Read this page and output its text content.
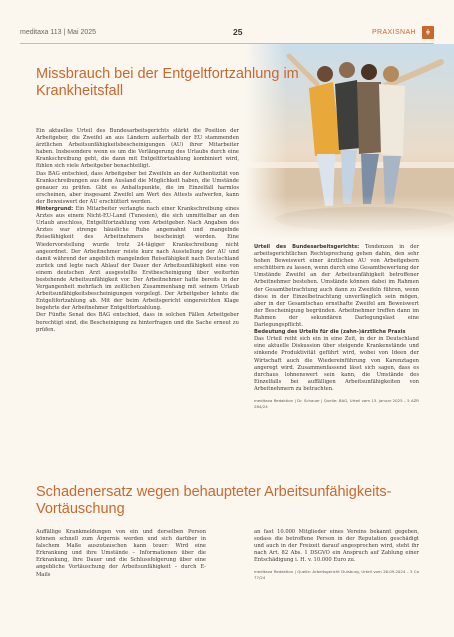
meditaxa 113 | Mai 2025	25	PRAXISNAH	ǂ
Missbrauch bei der Entgeltfortzahlung im Krankheitsfall

Ein aktuelles Urteil des Bundesarbeitsgerichts stärkt die Position der Arbeitgeber, die Zweifel an aus Ländern außerhalb der EU stammenden ärztlichen Arbeitsunfähigkeitsbescheinigungen (AU) ihrer Mitarbeiter haben. Insbesondere wenn es um die Verlängerung des Urlaubs durch eine Krankschreibung geht, die dann mit Entgeltfortzahlung kombiniert wird, fühlen sich viele Arbeitgeber benachteiligt.

Das BAG entschied, dass Arbeitgeber bei Zweifeln an der Authentizität von Krankschreibungen aus dem Ausland die Möglichkeit haben, die Umstände genauer zu prüfen. Gibt es Anhaltspunkte, die im Einzelfall harmlos erscheinen, aber insgesamt Zweifel am Wert des Attests aufwerfen, kann der Beweiswert der AU erschüttert werden.

Hintergrund: Ein Mitarbeiter verlangte nach einer Krankschreibung eines Arztes aus einem Nicht-EU-Land (Tunesien), die sich unmittelbar an den Urlaub anschloss, Entgeltfortzahlung vom Arbeitgeber. Nach Angaben des Arztes war strenge häusliche Ruhe angemahnt und mangelnde Reisefähigkeit des Arbeitnehmers bescheinigt worden. Eine Wiedervorstellung wurde trotz 24-tägiger Krankschreibung nicht angeordnet. Der Arbeitnehmer reiste kurz nach Ausstellung der AU und damit während der angeblich mangelnden Reisefähigkeit nach Deutschland zurück und legte nach Ablauf der Dauer der Arbeitsunfähigkeit eine von einem deutschen Arzt ausgestellte Erstbescheinigung über weiterhin bestehende Arbeitsunfähigkeit vor. Der Arbeitnehmer hatte bereits in der Vergangenheit mehrfach im zeitlichen Zusammenhang mit seinem Urlaub Arbeitsunfähigkeitsbescheinigungen vorgelegt. Der Arbeitgeber lehnte die Entgeltfortzahlung ab. Mit der beim Arbeitsgericht eingereichten Klage begehrte der Arbeitnehmer Entgeltfortzahlung.

Der Fünfte Senat des BAG entschied, dass in solchen Fällen Arbeitgeber berechtigt sind, die Bescheinigung zu hinterfragen und die Sache erneut zu prüfen.

Urteil des Bundesarbeitsgerichts: Tendenzen in der arbeitsgerichtlichen Rechtsprechung gehen dahin, den sehr hohen Beweiswert einer ärztlichen AU von Arbeitgebern erschüttern zu lassen, wenn durch eine Gesamtbewertung der Umstände Zweifel an der Arbeitsunfähigkeit betroffener Arbeitnehmer bestehen. Umstände können dabei im Rahmen der Gesamtbetrachtung auch dann zu Zweifeln führen, wenn diese in der Einzelbetrachtung unverfänglich sein mögen, aber in der Gesamtschau ernsthafte Zweifel am Beweiswert der Bescheinigung begründen. Arbeitnehmer treffen dann im Rahmen der sekundären Darlegungslast eine Darlegungspflicht.

Bedeutung des Urteils für die (zahn-)ärztliche Praxis

Das Urteil reiht sich ein in eine Zeit, in der in Deutschland eine aktuelle Diskussion über steigende Krankenstände und sinkende Produktivität geführt wird, wobei von Ideen der Wirtschaft auch die Wiedereinführung von Karenztagen angeregt wird. Zusammenfassend lässt sich sagen, dass es durchaus lohnenswert sein kann, die Umstände des Einzelfalls bei auffälligen Arbeitsunfähigkeiten von Arbeitnehmern zu betrachten.

meditaxa Redaktion | Dr. Schauer | Quelle: BAG, Urteil vom 15. Januar 2025 – 5 AZR 284/24

Schadenersatz wegen behaupteter Arbeitsunfähigkeits-Vortäuschung

Auffällige Krankmeldungen von ein und derselben Person können schnell zum Ärgernis werden und sich darüber in falschem Maße auszutauschen kann teuer: Wird eine Erkrankung und ihre Umstände – Informationen über die Erkrankung, ihre Dauer und die Schlussfolgerung über eine angebliche Vortäuschung der Arbeitsunfähigkeit – durch E-Mails

an fast 10.000 Mitglieder eines Vereins bekannt gegeben, sodass die betroffene Person in der Reputation geschädigt und auch in der Freizeit darauf angesprochen wird, steht ihr nach Art. 82 Abs. 1 DSGVO ein Anspruch auf Zahlung einer Entschädigung i. H. v. 10.000 Euro zu.

meditaxa Redaktion | Quelle: Arbeitsgericht Duisburg, Urteil vom 26.09.2024 – 3 Ca 77/24
